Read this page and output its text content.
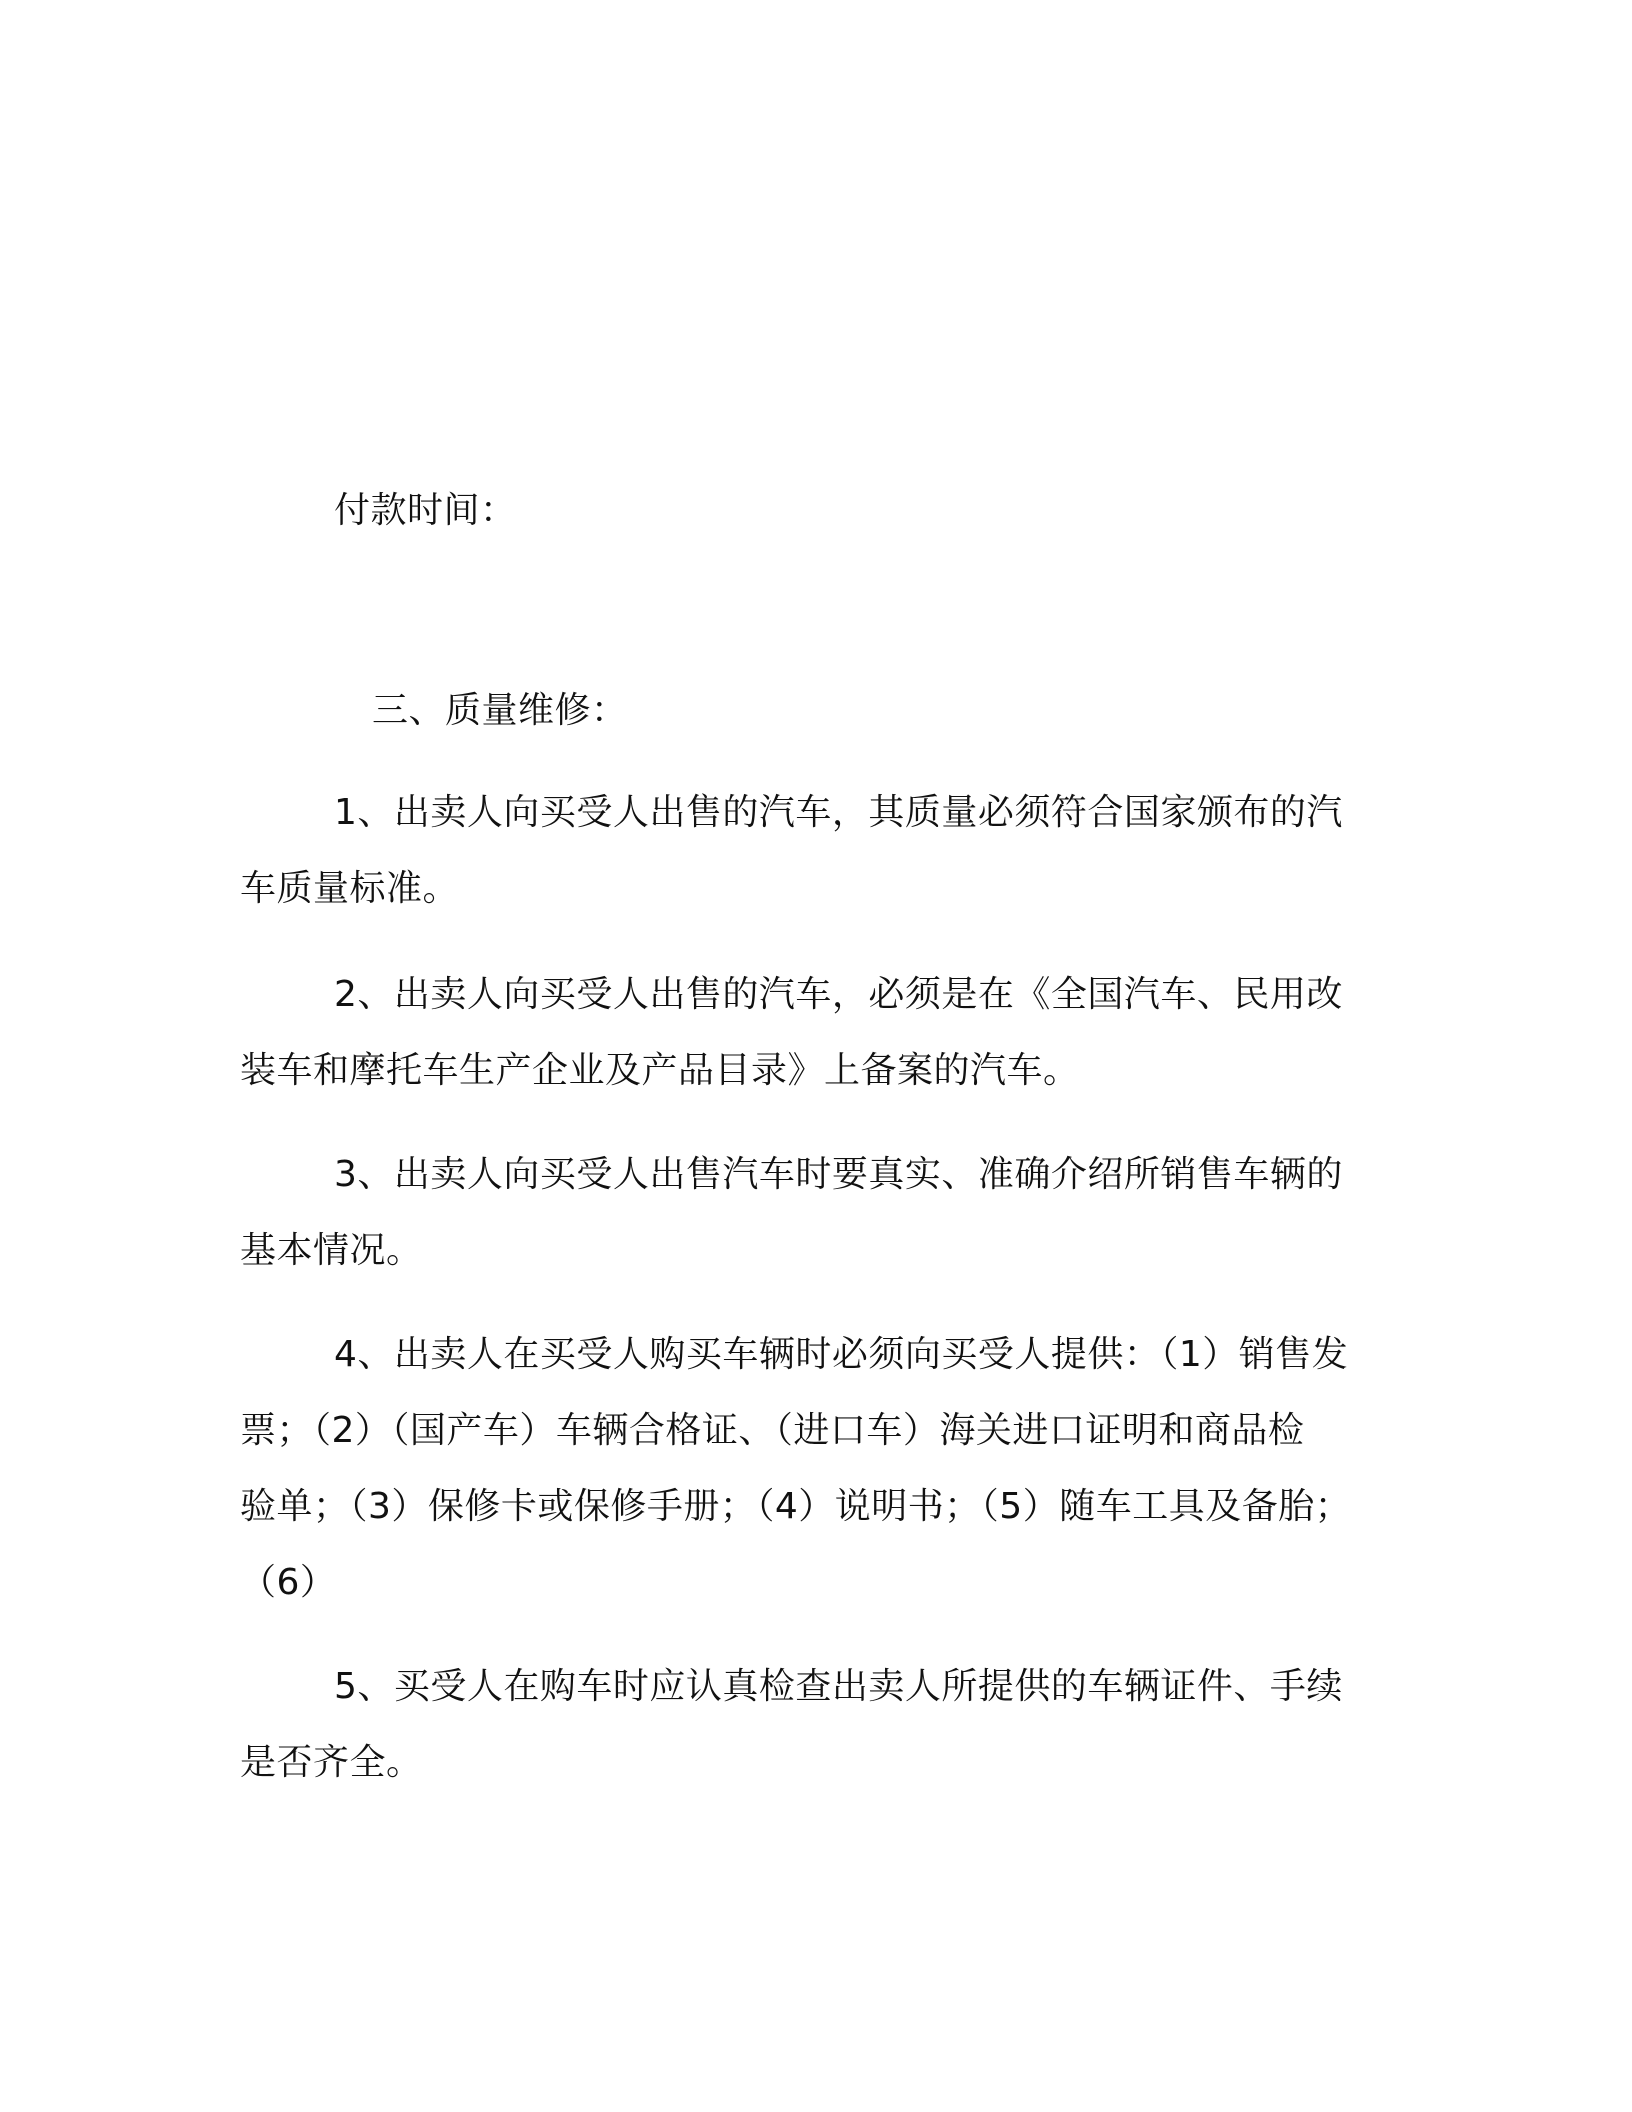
付款时间：
三、质量维修：
1、出卖人向买受人出售的汽车，其质量必须符合国家颁布的汽
车质量标准。
2、出卖人向买受人出售的汽车，必须是在《全国汽车、民用改
装车和摩托车生产企业及产品目录》上备案的汽车。
3、出卖人向买受人出售汽车时要真实、准确介绍所销售车辆的
基本情况。
4、出卖人在买受人购买车辆时必须向买受人提供：（1）销售发
票；（2）（国产车）车辆合格证、（进口车）海关进口证明和商品检
验单；（3）保修卡或保修手册；（4）说明书；（5）随车工具及备胎；
（6）
5、买受人在购车时应认真检查出卖人所提供的车辆证件、手续
是否齐全。
